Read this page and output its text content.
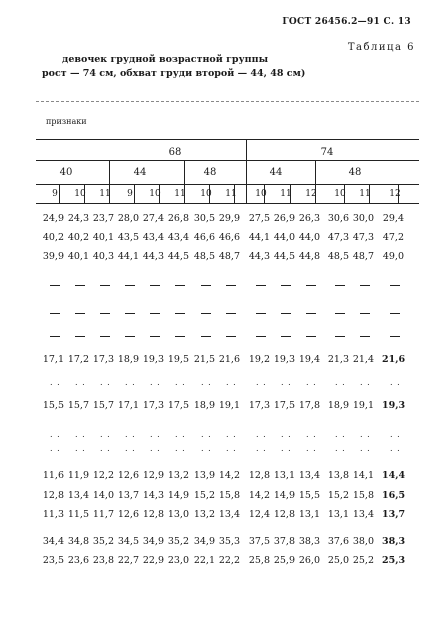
ГОСТ 26456.2—91 С. 13
Таблица 6
девочек грудной возрастной группы
рост — 74 см, обхват груди второй — 44, 48 см)
признаки
68	74
40	44	48	44	48
9	10	11	9	10	11	10	11	10	11	12	10	11	12
24,9 24,3 23,7 28,0 27,4 26,8 30,5 29,9 27,5 26,9 26,3 30,6 30,0 29,4
40,2 40,2 40,1 43,5 43,4 43,4 46,6 46,6 44,1 44,0 44,0 47,3 47,3 47,2
39,9 40,1 40,3 44,1 44,3 44,5 48,5 48,7 44,3 44,5 44,8 48,5 48,7 49,0
17,1 17,2 17,3 18,9 19,3 19,5 21,5 21,6 19,2 19,3 19,4 21,3 21,4 21,6
15,5 15,7 15,7 17,1 17,3 17,5 18,9 19,1 17,3 17,5 17,8 18,9 19,1 19,3
11,6 11,9 12,2 12,6 12,9 13,2 13,9 14,2 12,8 13,1 13,4 13,8 14,1 14,4
12,8 13,4 14,0 13,7 14,3 14,9 15,2 15,8 14,2 14,9 15,5 15,2 15,8 16,5
11,3 11,5 11,7 12,6 12,8 13,0 13,2 13,4 12,4 12,8 13,1 13,1 13,4 13,7
34,4 34,8 35,2 34,5 34,9 35,2 34,9 35,3 37,5 37,8 38,3 37,6 38,0 38,3
23,5 23,6 23,8 22,7 22,9 23,0 22,1 22,2 25,8 25,9 26,0 25,0 25,2 25,3
. . . . . . . . . . . . . . . . . . . . . . . . . . . .
. . . . . . . . . . . . . . . . . . . . . . . . . . . .
. . . . . . . . . . . . . . . . . . . . . . . . . . . .
